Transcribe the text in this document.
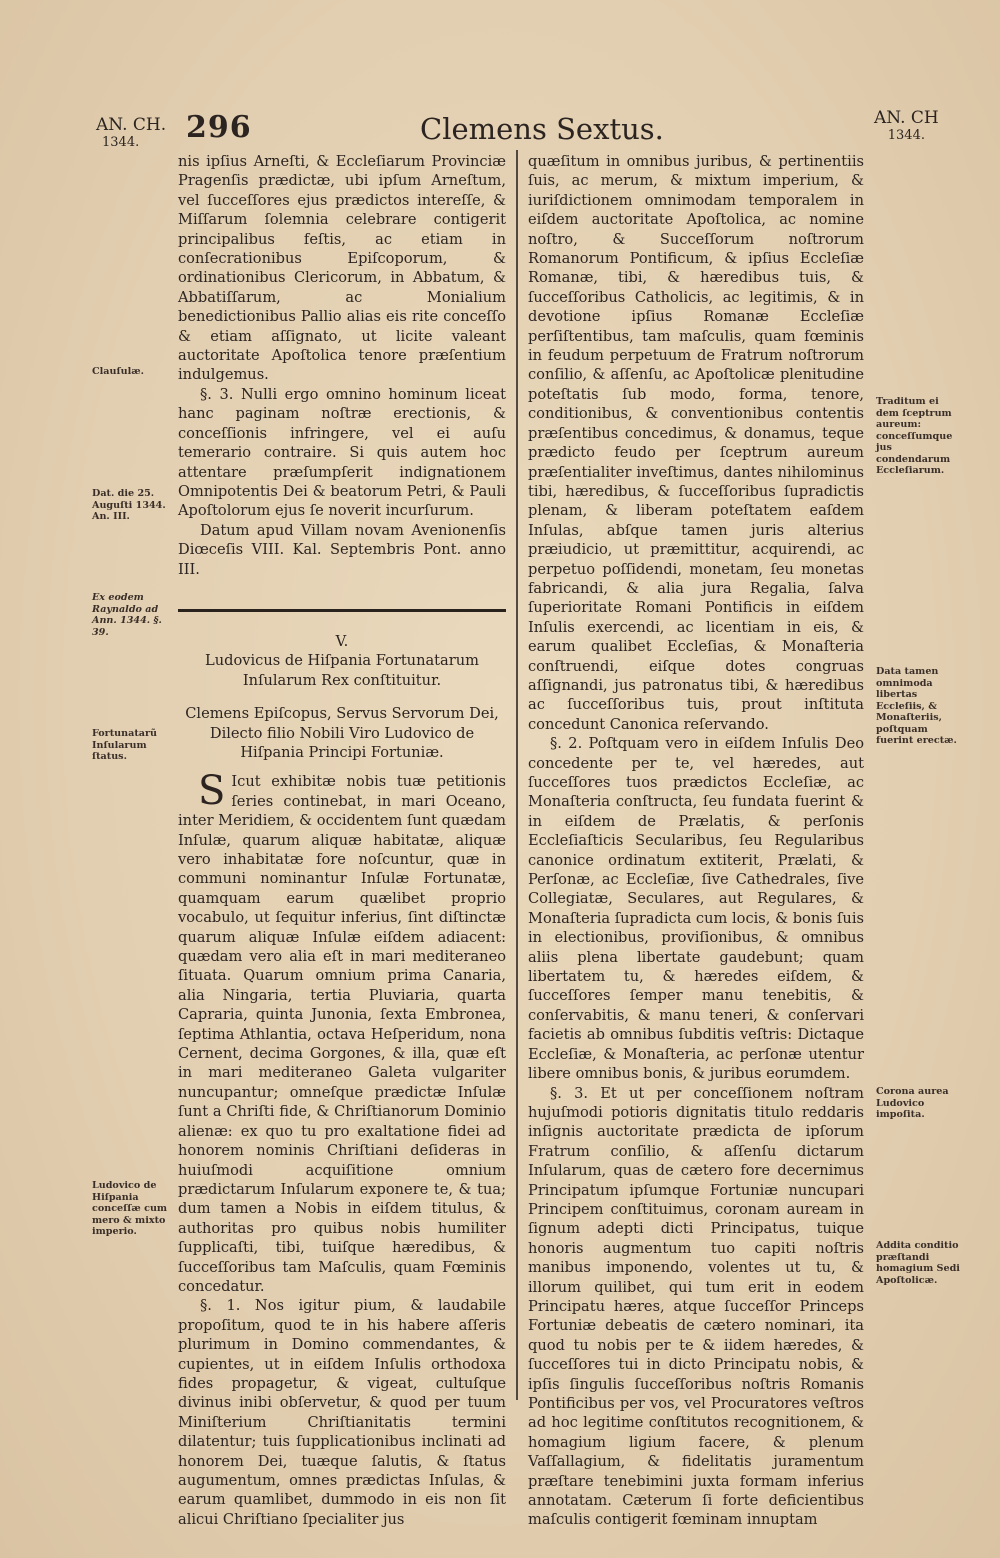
AN. CH.
1344.	296	Clemens Sextus.	AN. CH
1344.

nis ipſius Arneſti, & Eccleſiarum Provinciæ Pragenſis prædictæ, ubi ipſum Arneſtum, vel ſucceſſores ejus prædictos intereſſe, & Miſſarum ſolemnia celebrare contigerit principalibus feſtis, ac etiam in conſecrationibus Epiſcoporum, & ordinationibus Clericorum, in Abbatum, & Abbatiſſarum, ac Monialium benedictionibus Pallio alias eis rite conceſſo & etiam aſſignato, ut licite valeant auctoritate Apoſtolica tenore præſentium indulgemus.

§. 3. Nulli ergo omnino hominum liceat hanc paginam noſtræ erectionis, & conceſſionis infringere, vel ei auſu temerario contraire. Si quis autem hoc attentare præſumpſerit indignationem Omnipotentis Dei & beatorum Petri, & Pauli Apoſtolorum ejus ſe noverit incurſurum.

Datum apud Villam novam Avenionenſis Diœceſis VIII. Kal. Septembris Pont. anno III.

V.

Ludovicus de Hiſpania Fortunatarum Inſularum Rex conſtituitur.

Clemens Epiſcopus, Servus Servorum Dei, Dilecto filio Nobili Viro Ludovico de Hiſpania Principi Fortuniæ.

S Icut exhibitæ nobis tuæ petitionis ſeries continebat, in mari Oceano, inter Meridiem, & occidentem ſunt quædam Inſulæ, quarum aliquæ habitatæ, aliquæ vero inhabitatæ fore noſcuntur, quæ in communi nominantur Inſulæ Fortunatæ, quamquam earum quælibet proprio vocabulo, ut ſequitur inferius, ſint diſtinctæ quarum aliquæ Inſulæ eiſdem adiacent: quædam vero alia eſt in mari mediteraneo ſituata. Quarum omnium prima Canaria, alia Ningaria, tertia Pluviaria, quarta Capraria, quinta Junonia, ſexta Embronea, ſeptima Athlantia, octava Heſperidum, nona Cernent, decima Gorgones, & illa, quæ eſt in mari mediteraneo Galeta vulgariter nuncupantur; omneſque prædictæ Inſulæ ſunt a Chriſti fide, & Chriſtianorum Dominio alienæ: ex quo tu pro exaltatione fidei ad honorem nominis Chriſtiani deſideras in huiuſmodi acquiſitione omnium prædictarum Inſularum exponere te, & tua; dum tamen a Nobis in eiſdem titulus, & authoritas pro quibus nobis humiliter ſupplicaſti, tibi, tuiſque hæredibus, & ſucceſſoribus tam Maſculis, quam Fœminis concedatur.

§. 1. Nos igitur pium, & laudabile propoſitum, quod te in his habere aſſeris plurimum in Domino commendantes, & cupientes, ut in eiſdem Inſulis orthodoxa fides propagetur, & vigeat, cultuſque divinus inibi obſervetur, & quod per tuum Miniſterium Chriſtianitatis termini dilatentur; tuis ſupplicationibus inclinati ad honorem Dei, tuæque ſalutis, & ſtatus augumentum, omnes prædictas Inſulas, & earum quamlibet, dummodo in eis non ſit alicui Chriſtiano ſpecialiter jus

quæſitum in omnibus juribus, & pertinentiis ſuis, ac merum, & mixtum imperium, & iuriſdictionem omnimodam temporalem in eiſdem auctoritate Apoſtolica, ac nomine noſtro, & Succeſſorum noſtrorum Romanorum Pontificum, & ipſius Eccleſiæ Romanæ, tibi, & hæredibus tuis, & ſucceſſoribus Catholicis, ac legitimis, & in devotione ipſius Romanæ Eccleſiæ perſiſtentibus, tam maſculis, quam fœminis in feudum perpetuum de Fratrum noſtrorum conſilio, & aſſenſu, ac Apoſtolicæ plenitudine poteſtatis ſub modo, forma, tenore, conditionibus, & conventionibus contentis præſentibus concedimus, & donamus, teque prædicto feudo per ſceptrum aureum præſentialiter inveſtimus, dantes nihilominus tibi, hæredibus, & ſucceſſoribus ſupradictis plenam, & liberam poteſtatem eaſdem Inſulas, abſque tamen juris alterius præiudicio, ut præmittitur, acquirendi, ac perpetuo poſſidendi, monetam, ſeu monetas fabricandi, & alia jura Regalia, ſalva ſuperioritate Romani Pontificis in eiſdem Inſulis exercendi, ac licentiam in eis, & earum qualibet Eccleſias, & Monaſteria conſtruendi, eiſque dotes congruas aſſignandi, jus patronatus tibi, & hæredibus ac ſucceſſoribus tuis, prout inſtituta concedunt Canonica reſervando.

§. 2. Poſtquam vero in eiſdem Inſulis Deo concedente per te, vel hæredes, aut ſucceſſores tuos prædictos Eccleſiæ, ac Monaſteria conſtructa, ſeu fundata fuerint & in eiſdem de Prælatis, & perſonis Eccleſiaſticis Secularibus, ſeu Regularibus canonice ordinatum extiterit, Prælati, & Perſonæ, ac Eccleſiæ, ſive Cathedrales, ſive Collegiatæ, Seculares, aut Regulares, & Monaſteria ſupradicta cum locis, & bonis ſuis in electionibus, proviſionibus, & omnibus aliis plena libertate gaudebunt; quam libertatem tu, & hæredes eiſdem, & ſucceſſores ſemper manu tenebitis, & conſervabitis, & manu teneri, & conſervari facietis ab omnibus ſubditis veſtris: Dictaque Eccleſiæ, & Monaſteria, ac perſonæ utentur libere omnibus bonis, & juribus eorumdem.

§. 3. Et ut per conceſſionem noſtram hujuſmodi potioris dignitatis titulo reddaris inſignis auctoritate prædicta de ipſorum Fratrum conſilio, & aſſenſu dictarum Inſularum, quas de cætero fore decernimus Principatum ipſumque Fortuniæ nuncupari Principem conſtituimus, coronam auream in ſignum adepti dicti Principatus, tuique honoris augmentum tuo capiti noſtris manibus imponendo, volentes ut tu, & illorum quilibet, qui tum erit in eodem Principatu hæres, atque ſucceſſor Princeps Fortuniæ debeatis de cætero nominari, ita quod tu nobis per te & iidem hæredes, & ſucceſſores tui in dicto Principatu nobis, & ipſis ſingulis ſucceſſoribus noſtris Romanis Pontificibus per vos, vel Procuratores veſtros ad hoc legitime conſtitutos recognitionem, & homagium ligium facere, & plenum Vaſſallagium, & fidelitatis juramentum præſtare tenebimini juxta formam inferius annotatam. Cæterum ſi forte deficientibus maſculis contigerit fœminam innuptam

Clauſulæ.
Dat. die 25. Auguſti 1344. An. III.
Ex eodem Raynaldo ad Ann. 1344. §. 39.
Fortunatarũ Inſularum ſtatus.
Ludovico de Hiſpania conceſſæ cum mero & mixto imperio.
Traditum ei dem ſceptrum aureum: conceſſumque jus condendarum Eccleſiarum.
Data tamen omnimoda libertas Eccleſiis, & Monaſteriis, poſtquam fuerint erectæ.
Corona aurea Ludovico impoſita.
Addita conditio præſtandi homagium Sedi Apoſtolicæ.
